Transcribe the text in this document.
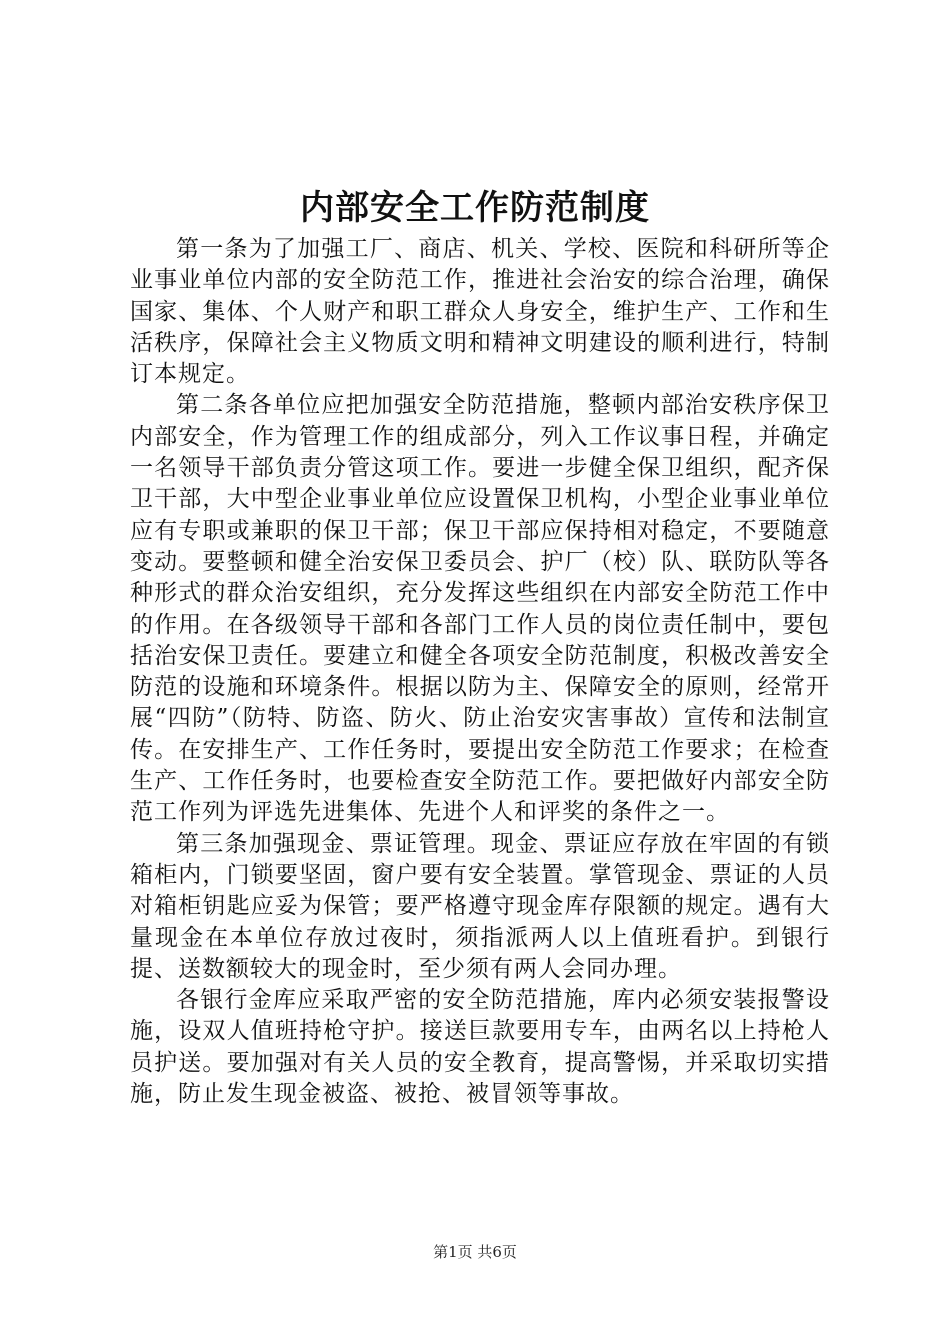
内部安全工作防范制度

第一条为了加强工厂、商店、机关、学校、医院和科研所等企业事业单位内部的安全防范工作，推进社会治安的综合治理，确保国家、集体、个人财产和职工群众人身安全，维护生产、工作和生活秩序，保障社会主义物质文明和精神文明建设的顺利进行，特制订本规定。

第二条各单位应把加强安全防范措施，整顿内部治安秩序保卫内部安全，作为管理工作的组成部分，列入工作议事日程，并确定一名领导干部负责分管这项工作。要进一步健全保卫组织，配齐保卫干部，大中型企业事业单位应设置保卫机构，小型企业事业单位应有专职或兼职的保卫干部；保卫干部应保持相对稳定，不要随意变动。要整顿和健全治安保卫委员会、护厂（校）队、联防队等各种形式的群众治安组织，充分发挥这些组织在内部安全防范工作中的作用。在各级领导干部和各部门工作人员的岗位责任制中，要包括治安保卫责任。要建立和健全各项安全防范制度，积极改善安全防范的设施和环境条件。根据以防为主、保障安全的原则，经常开展“四防”（防特、防盗、防火、防止治安灾害事故）宣传和法制宣传。在安排生产、工作任务时，要提出安全防范工作要求；在检查生产、工作任务时，也要检查安全防范工作。要把做好内部安全防范工作列为评选先进集体、先进个人和评奖的条件之一。

第三条加强现金、票证管理。现金、票证应存放在牢固的有锁箱柜内，门锁要坚固，窗户要有安全装置。掌管现金、票证的人员对箱柜钥匙应妥为保管；要严格遵守现金库存限额的规定。遇有大量现金在本单位存放过夜时，须指派两人以上值班看护。到银行提、送数额较大的现金时，至少须有两人会同办理。

各银行金库应采取严密的安全防范措施，库内必须安装报警设施，设双人值班持枪守护。接送巨款要用专车，由两名以上持枪人员护送。要加强对有关人员的安全教育，提高警惕，并采取切实措施，防止发生现金被盗、被抢、被冒领等事故。

第1页 共6页
